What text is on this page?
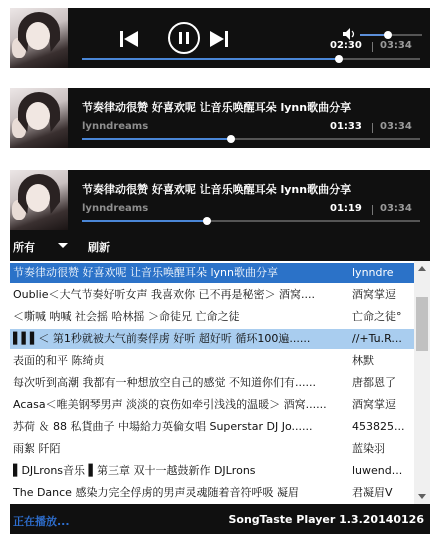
02:30 03:34
节奏律动很赞 好喜欢呢 让音乐唤醒耳朵 lynn歌曲分享
lynndreams	01:33 03:34
节奏律动很赞 好喜欢呢 让音乐唤醒耳朵 lynn歌曲分享
lynndreams	01:19 03:34
所有	刷新
节奏律动很赞 好喜欢呢 让音乐唤醒耳朵 lynn歌曲分享	lynndre
Oublie＜大气节奏好听女声 我喜欢你 已不再是秘密＞ 酒窝....	酒窝掌逗
＜嘶喊 呐喊 社会摇 哈林摇 ＞命徒兄 亡命之徒	亡命之徒°
▌▌▌＜ 第1秒就被大气前奏俘虏 好听 超好听 循环100遍......	//+Tu.R...
表面的和平 陈绮贞	林默
每次听到高潮 我都有一种想放空自己的感觉 不知道你们有......	唐都恩了
Acasa＜唯美钢琴男声 淡淡的哀伤如牵引浅浅的温暖＞ 酒窝......	酒窝掌逗
苏荷 ＆ 88 私貨曲子 中場給力英倫女唱 Superstar DJ Jo......	453825...
雨絮 阡陌	蓝染羽
▌DJLrons音乐 ▌第三章 双十一越鼓新作 DJLrons	luwend...
The Dance 感染力完全俘虏的男声灵魂随着音符呼吸 凝眉	君凝眉V
正在播放...	SongTaste Player 1.3.20140126
